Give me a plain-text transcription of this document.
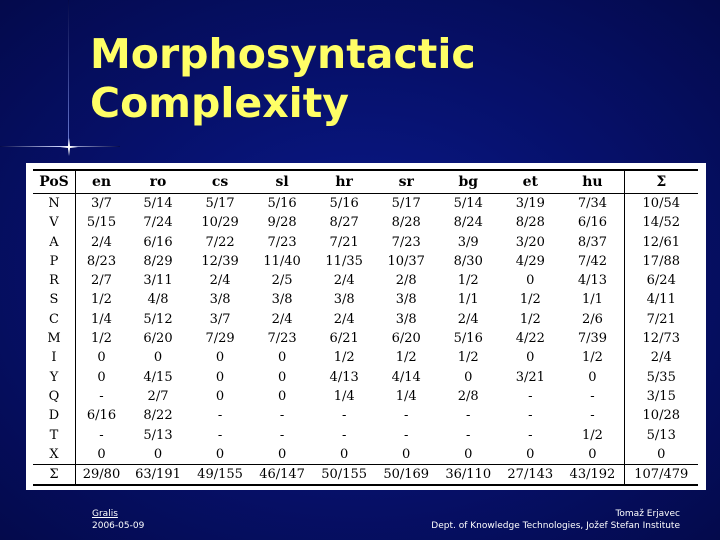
Morphosyntactic
Complexity
PoS	en	ro	cs	sl	hr	sr	bg	et	hu	Σ
N	3/7	5/14	5/17	5/16	5/16	5/17	5/14	3/19	7/34	10/54
V	5/15	7/24	10/29	9/28	8/27	8/28	8/24	8/28	6/16	14/52
A	2/4	6/16	7/22	7/23	7/21	7/23	3/9	3/20	8/37	12/61
P	8/23	8/29	12/39	11/40	11/35	10/37	8/30	4/29	7/42	17/88
R	2/7	3/11	2/4	2/5	2/4	2/8	1/2	0	4/13	6/24
S	1/2	4/8	3/8	3/8	3/8	3/8	1/1	1/2	1/1	4/11
C	1/4	5/12	3/7	2/4	2/4	3/8	2/4	1/2	2/6	7/21
M	1/2	6/20	7/29	7/23	6/21	6/20	5/16	4/22	7/39	12/73
I	0	0	0	0	1/2	1/2	1/2	0	1/2	2/4
Y	0	4/15	0	0	4/13	4/14	0	3/21	0	5/35
Q	-	2/7	0	0	1/4	1/4	2/8	-	-	3/15
D	6/16	8/22	-	-	-	-	-	-	-	10/28
T	-	5/13	-	-	-	-	-	-	1/2	5/13
X	0	0	0	0	0	0	0	0	0	0
Σ	29/80	63/191	49/155	46/147	50/155	50/169	36/110	27/143	43/192	107/479
Gralis
2006-05-09
Tomaž Erjavec
Dept. of Knowledge Technologies, Jožef Stefan Institute
